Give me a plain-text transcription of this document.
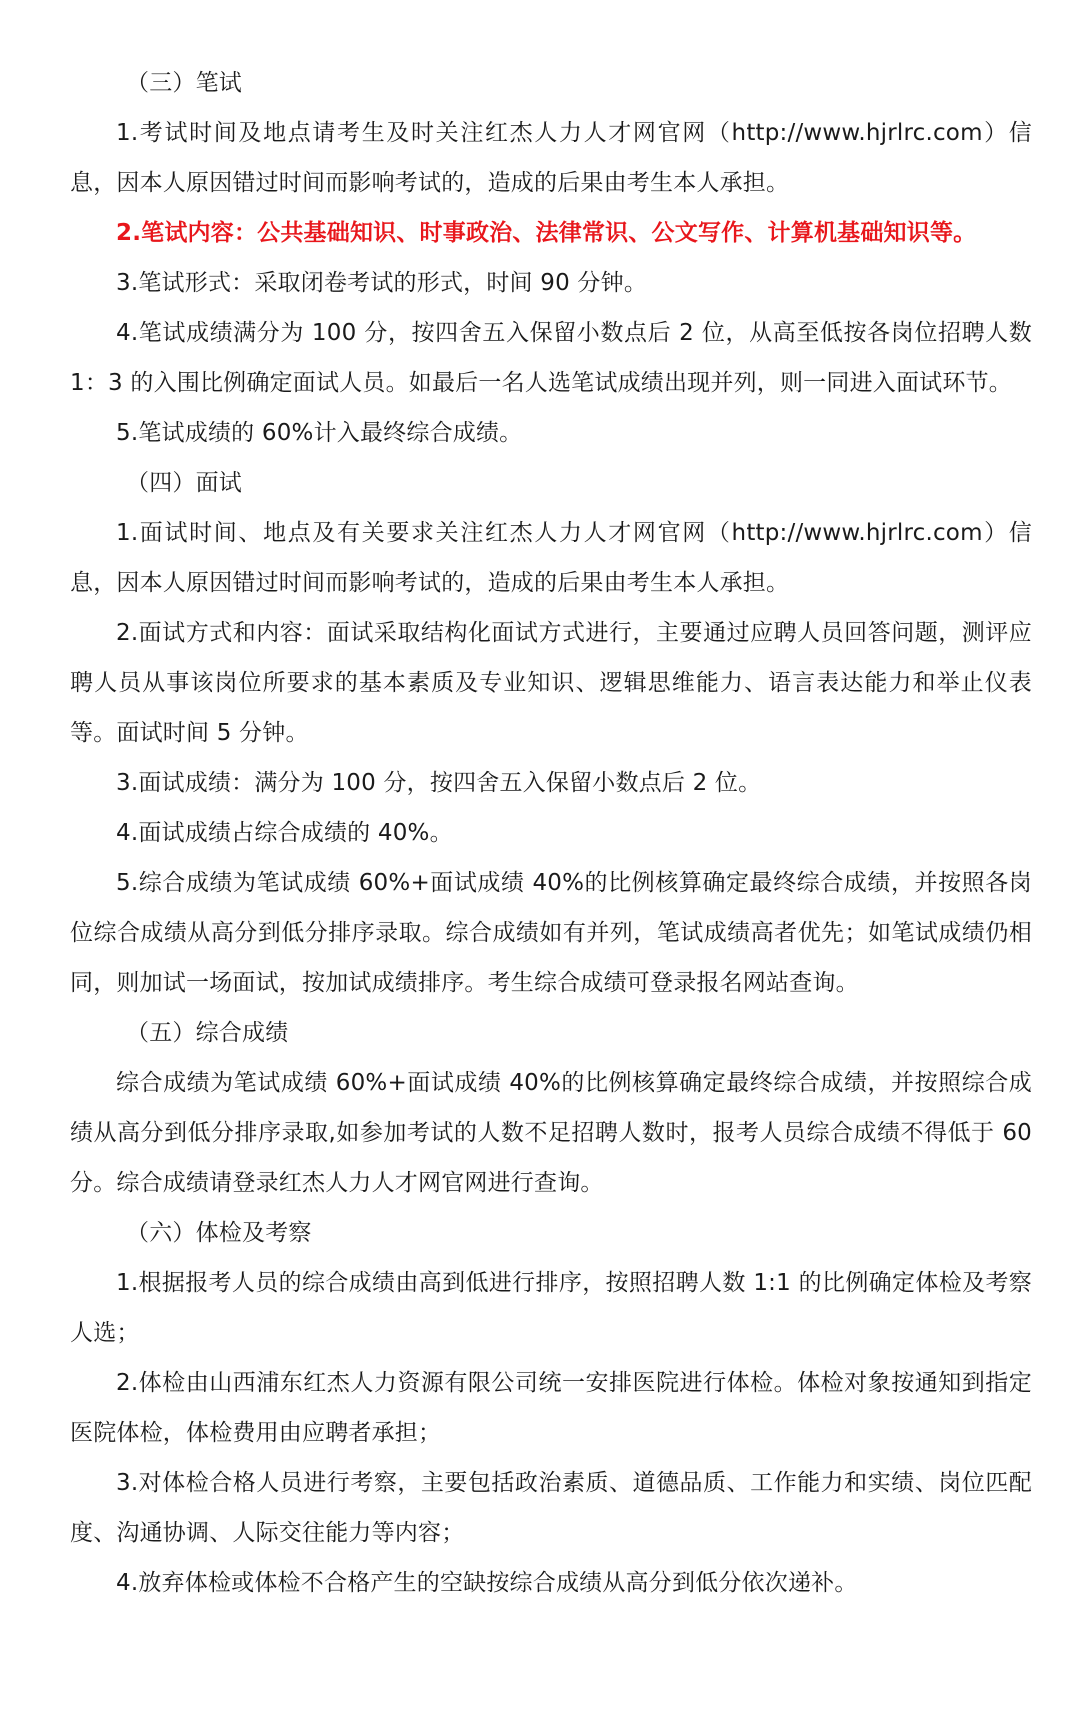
（三）笔试

1.考试时间及地点请考生及时关注红杰人力人才网官网（http://www.hjrlrc.com）信息，因本人原因错过时间而影响考试的，造成的后果由考生本人承担。

2.笔试内容：公共基础知识、时事政治、法律常识、公文写作、计算机基础知识等。

3.笔试形式：采取闭卷考试的形式，时间 90 分钟。

4.笔试成绩满分为 100 分，按四舍五入保留小数点后 2 位，从高至低按各岗位招聘人数 1：3 的入围比例确定面试人员。如最后一名人选笔试成绩出现并列，则一同进入面试环节。

5.笔试成绩的 60%计入最终综合成绩。

（四）面试

1.面试时间、地点及有关要求关注红杰人力人才网官网（http://www.hjrlrc.com）信息，因本人原因错过时间而影响考试的，造成的后果由考生本人承担。

2.面试方式和内容：面试采取结构化面试方式进行，主要通过应聘人员回答问题，测评应聘人员从事该岗位所要求的基本素质及专业知识、逻辑思维能力、语言表达能力和举止仪表等。面试时间 5 分钟。

3.面试成绩：满分为 100 分，按四舍五入保留小数点后 2 位。

4.面试成绩占综合成绩的 40%。

5.综合成绩为笔试成绩 60%+面试成绩 40%的比例核算确定最终综合成绩，并按照各岗位综合成绩从高分到低分排序录取。综合成绩如有并列，笔试成绩高者优先；如笔试成绩仍相同，则加试一场面试，按加试成绩排序。考生综合成绩可登录报名网站查询。

（五）综合成绩

综合成绩为笔试成绩 60%+面试成绩 40%的比例核算确定最终综合成绩，并按照综合成绩从高分到低分排序录取,如参加考试的人数不足招聘人数时，报考人员综合成绩不得低于 60 分。综合成绩请登录红杰人力人才网官网进行查询。

（六）体检及考察

1.根据报考人员的综合成绩由高到低进行排序，按照招聘人数 1:1 的比例确定体检及考察人选；

2.体检由山西浦东红杰人力资源有限公司统一安排医院进行体检。体检对象按通知到指定医院体检，体检费用由应聘者承担；

3.对体检合格人员进行考察，主要包括政治素质、道德品质、工作能力和实绩、岗位匹配度、沟通协调、人际交往能力等内容；

4.放弃体检或体检不合格产生的空缺按综合成绩从高分到低分依次递补。
